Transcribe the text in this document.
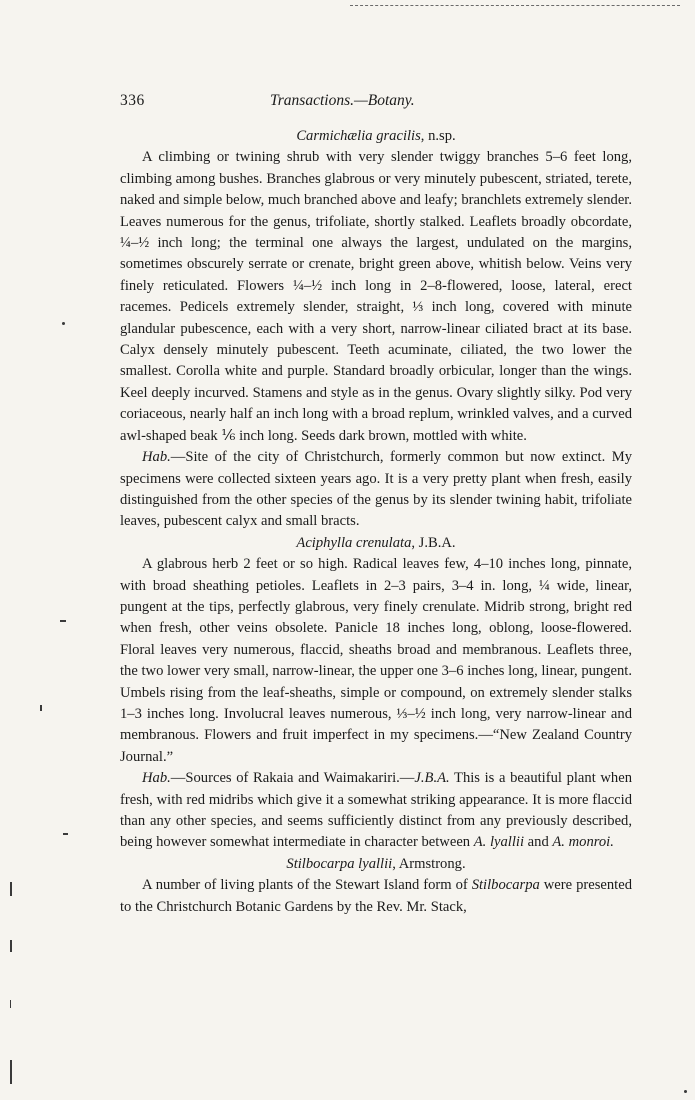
336	Transactions.—Botany.

Carmichælia gracilis, n.sp.

A climbing or twining shrub with very slender twiggy branches 5–6 feet long, climbing among bushes. Branches glabrous or very minutely pubescent, striated, terete, naked and simple below, much branched above and leafy; branchlets extremely slender. Leaves numerous for the genus, trifoliate, shortly stalked. Leaflets broadly obcordate, ¼–½ inch long; the terminal one always the largest, undulated on the margins, sometimes obscurely serrate or crenate, bright green above, whitish below. Veins very finely reticulated. Flowers ¼–½ inch long in 2–8-flowered, loose, lateral, erect racemes. Pedicels extremely slender, straight, ⅓ inch long, covered with minute glandular pubescence, each with a very short, narrow-linear ciliated bract at its base. Calyx densely minutely pubescent. Teeth acuminate, ciliated, the two lower the smallest. Corolla white and purple. Standard broadly orbicular, longer than the wings. Keel deeply incurved. Stamens and style as in the genus. Ovary slightly silky. Pod very coriaceous, nearly half an inch long with a broad replum, wrinkled valves, and a curved awl-shaped beak ⅙ inch long. Seeds dark brown, mottled with white.

Hab.—Site of the city of Christchurch, formerly common but now extinct. My specimens were collected sixteen years ago. It is a very pretty plant when fresh, easily distinguished from the other species of the genus by its slender twining habit, trifoliate leaves, pubescent calyx and small bracts.

Aciphylla crenulata, J.B.A.

A glabrous herb 2 feet or so high. Radical leaves few, 4–10 inches long, pinnate, with broad sheathing petioles. Leaflets in 2–3 pairs, 3–4 in. long, ¼ wide, linear, pungent at the tips, perfectly glabrous, very finely crenulate. Midrib strong, bright red when fresh, other veins obsolete. Panicle 18 inches long, oblong, loose-flowered. Floral leaves very numerous, flaccid, sheaths broad and membranous. Leaflets three, the two lower very small, narrow-linear, the upper one 3–6 inches long, linear, pungent. Umbels rising from the leaf-sheaths, simple or compound, on extremely slender stalks 1–3 inches long. Involucral leaves numerous, ⅓–½ inch long, very narrow-linear and membranous. Flowers and fruit imperfect in my specimens.—“New Zealand Country Journal.”

Hab.—Sources of Rakaia and Waimakariri.—J.B.A. This is a beautiful plant when fresh, with red midribs which give it a somewhat striking appearance. It is more flaccid than any other species, and seems sufficiently distinct from any previously described, being however somewhat intermediate in character between A. lyallii and A. monroi.

Stilbocarpa lyallii, Armstrong.

A number of living plants of the Stewart Island form of Stilbocarpa were presented to the Christchurch Botanic Gardens by the Rev. Mr. Stack,
